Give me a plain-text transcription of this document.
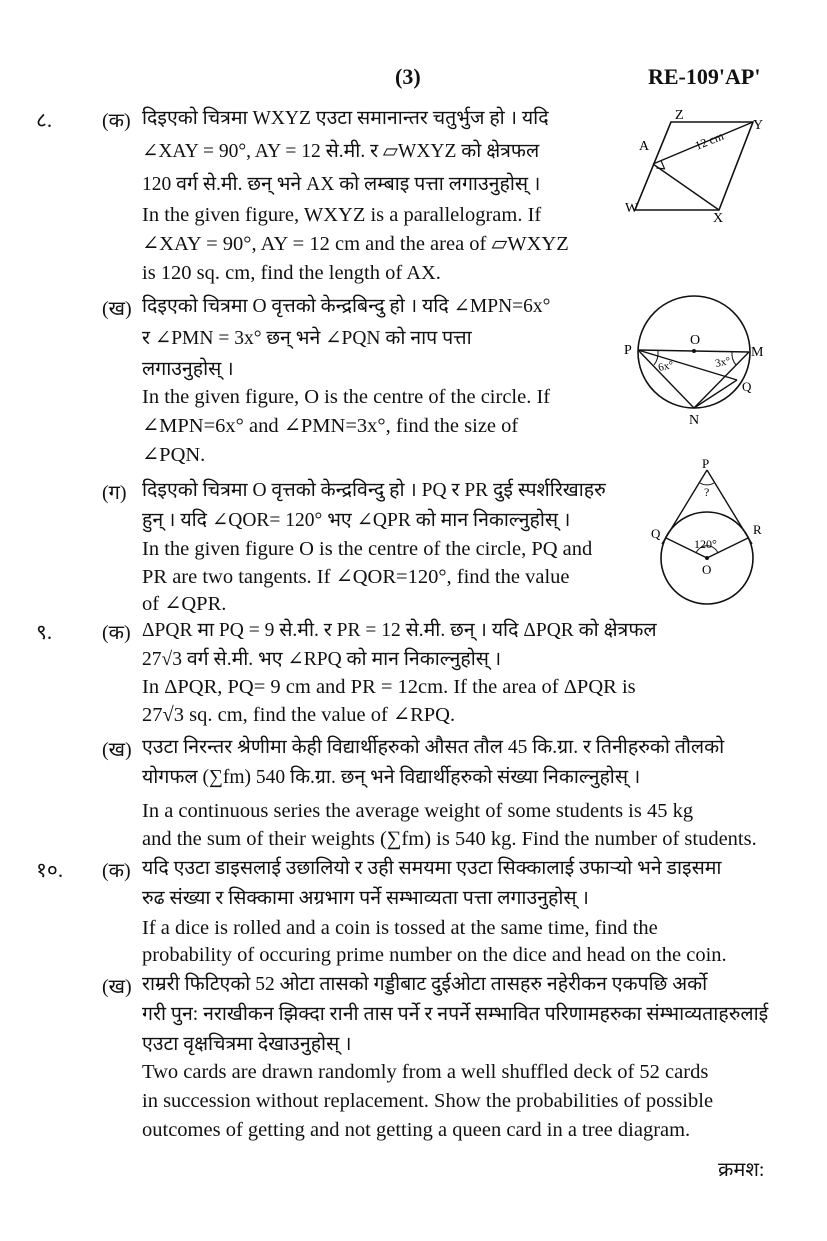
(3)	RE-109'AP'
८. (क) दिइएको चित्रमा WXYZ एउटा समानान्तर चतुर्भुज हो । यदि
∠XAY = 90°, AY = 12 से.मी. र ▱WXYZ को क्षेत्रफल
120 वर्ग से.मी. छन् भने AX को लम्बाइ पत्ता लगाउनुहोस् ।
In the given figure, WXYZ is a parallelogram. If
∠XAY = 90°, AY = 12 cm and the area of ▱WXYZ
is 120 sq. cm, find the length of AX.
Z
Y
A
W
X
12 cm
(ख) दिइएको चित्रमा O वृत्तको केन्द्रबिन्दु हो । यदि ∠MPN=6x°
र ∠PMN = 3x° छन् भने ∠PQN को नाप पत्ता
लगाउनुहोस् ।
In the given figure, O is the centre of the circle. If
∠MPN=6x° and ∠PMN=3x°, find the size of
∠PQN.
O
P	M
Q
N
6x°	3x°
(ग) दिइएको चित्रमा O वृत्तको केन्द्रविन्दु हो । PQ र PR दुई स्पर्शरिखाहरु
हुन् । यदि ∠QOR= 120° भए ∠QPR को मान निकाल्नुहोस् ।
In the given figure O is the centre of the circle, PQ and
PR are two tangents. If ∠QOR=120°, find the value
of ∠QPR.
P
Q	R
O
?
120°
९. (क) ΔPQR मा PQ = 9 से.मी. र PR = 12 से.मी. छन् । यदि ΔPQR को क्षेत्रफल
27√3 वर्ग से.मी. भए ∠RPQ को मान निकाल्नुहोस् ।
In ΔPQR, PQ= 9 cm and PR = 12cm. If the area of ΔPQR is
27√3 sq. cm, find the value of ∠RPQ.
(ख) एउटा निरन्तर श्रेणीमा केही विद्यार्थीहरुको औसत तौल 45 कि.ग्रा. र तिनीहरुको तौलको
योगफल (∑fm) 540 कि.ग्रा. छन् भने विद्यार्थीहरुको संख्या निकाल्नुहोस् ।
In a continuous series the average weight of some students is 45 kg
and the sum of their weights (∑fm) is 540 kg. Find the number of students.
१०. (क) यदि एउटा डाइसलाई उछालियो र उही समयमा एउटा सिक्कालाई उफार्‍यो भने डाइसमा
रुढ संख्या र सिक्कामा अग्रभाग पर्ने सम्भाव्यता पत्ता लगाउनुहोस् ।
If a dice is rolled and a coin is tossed at the same time, find the
probability of occuring prime number on the dice and head on the coin.
(ख) राम्ररी फिटिएको 52 ओटा तासको गड्डीबाट दुईओटा तासहरु नहेरीकन एकपछि अर्को
गरी पुन: नराखीकन झिक्दा रानी तास पर्ने र नपर्ने सम्भावित परिणामहरुका संम्भाव्यताहरुलाई
एउटा वृक्षचित्रमा देखाउनुहोस् ।
Two cards are drawn randomly from a well shuffled deck of 52 cards
in succession without replacement. Show the probabilities of possible
outcomes of getting and not getting a queen card in a tree diagram.
क्रमश:
